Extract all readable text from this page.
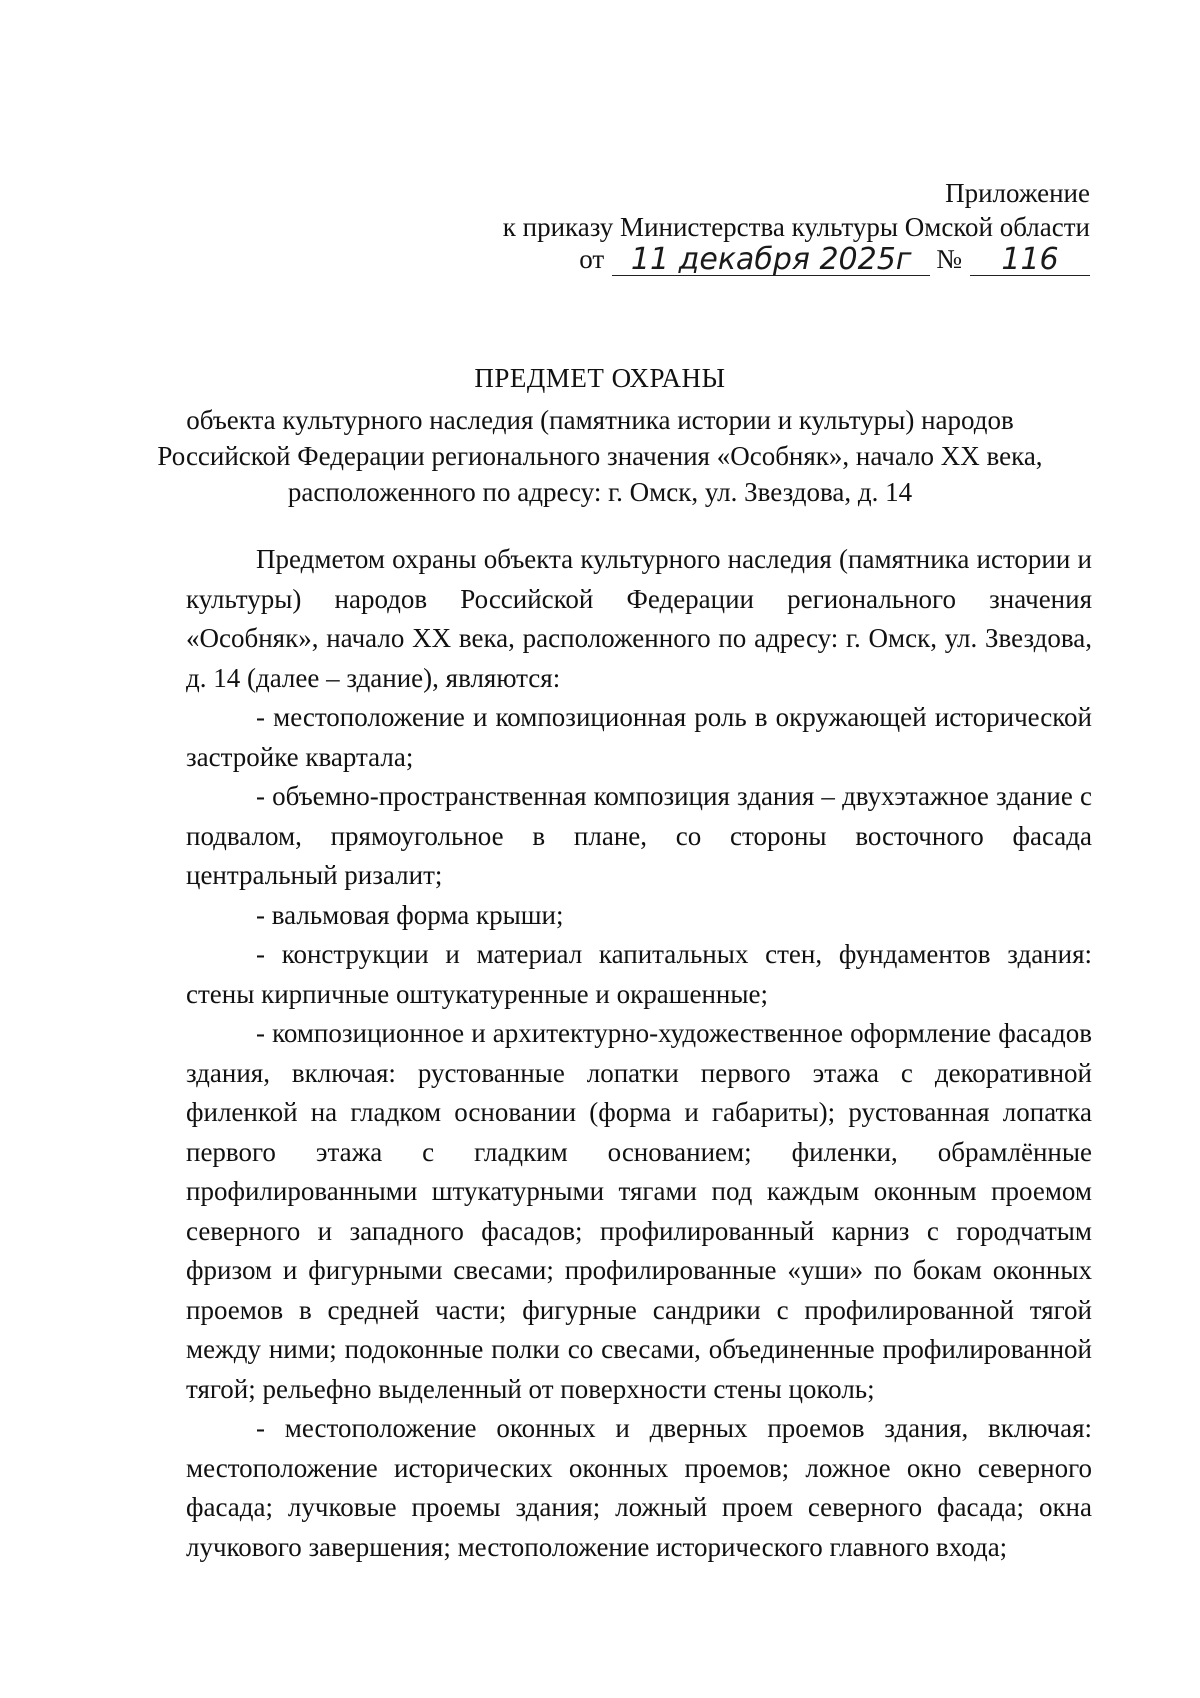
Приложение
к приказу Министерства культуры Омской области
от 11 декабря 2025г №	116
ПРЕДМЕТ ОХРАНЫ
объекта культурного наследия (памятника истории и культуры) народов
Российской Федерации регионального значения «Особняк», начало XX века,
расположенного по адресу: г. Омск, ул. Звездова, д. 14

Предметом охраны объекта культурного наследия (памятника истории и культуры) народов Российской Федерации регионального значения «Особняк», начало XX века, расположенного по адресу: г. Омск, ул. Звездова, д. 14 (далее – здание), являются:

- местоположение и композиционная роль в окружающей исторической застройке квартала;

- объемно-пространственная композиция здания – двухэтажное здание с подвалом, прямоугольное в плане, со стороны восточного фасада центральный ризалит;

- вальмовая форма крыши;

- конструкции и материал капитальных стен, фундаментов здания: стены кирпичные оштукатуренные и окрашенные;

- композиционное и архитектурно-художественное оформление фасадов здания, включая: рустованные лопатки первого этажа с декоративной филенкой на гладком основании (форма и габариты); рустованная лопатка первого этажа с гладким основанием; филенки, обрамлённые профилированными штукатурными тягами под каждым оконным проемом северного и западного фасадов; профилированный карниз с городчатым фризом и фигурными свесами; профилированные «уши» по бокам оконных проемов в средней части; фигурные сандрики с профилированной тягой между ними; подоконные полки со свесами, объединенные профилированной тягой; рельефно выделенный от поверхности стены цоколь;

- местоположение оконных и дверных проемов здания, включая: местоположение исторических оконных проемов; ложное окно северного фасада; лучковые проемы здания; ложный проем северного фасада; окна лучкового завершения; местоположение исторического главного входа;
